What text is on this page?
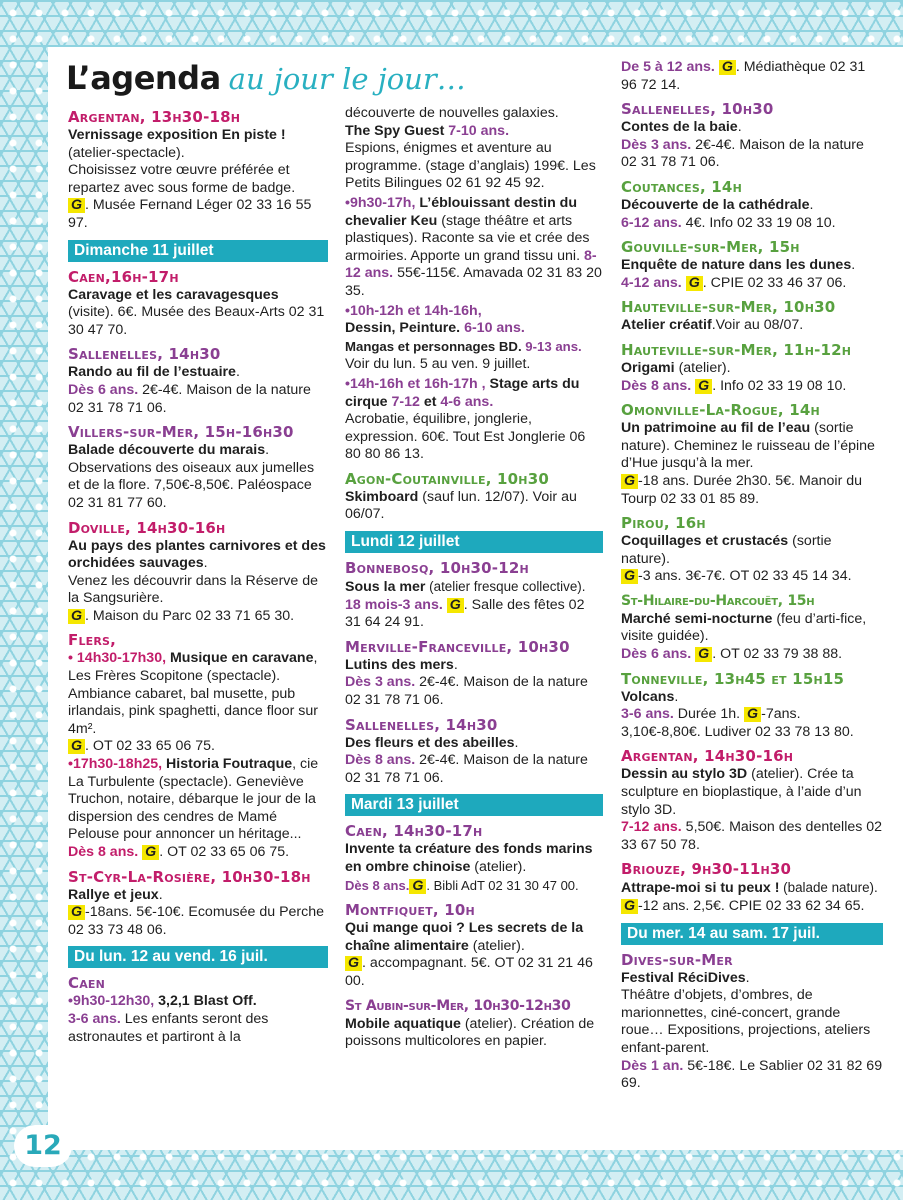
L’agenda au jour le jour…
Argentan, 13h30-18h
Vernissage exposition En piste !
(atelier-spectacle).
Choisissez votre œuvre préférée et repartez avec sous forme de badge.
G . Musée Fernand Léger 02 33 16 55 97.
Dimanche 11 juillet
Caen,16h-17h
Caravage et les caravagesques
(visite). 6€. Musée des Beaux-Arts 02 31 30 47 70.
Sallenelles, 14h30
Rando au fil de l’estuaire.
Dès 6 ans. 2€-4€. Maison de la nature 02 31 78 71 06.
Villers-sur-Mer, 15h-16h30
Balade découverte du marais.
Observations des oiseaux aux jumelles et de la flore. 7,50€-8,50€. Paléospace 02 31 81 77 60.
Doville, 14h30-16h
Au pays des plantes carnivores et des orchidées sauvages.
Venez les découvrir dans la Réserve de la Sangsurière.
G . Maison du Parc 02 33 71 65 30.
Flers,
• 14h30-17h30, Musique en caravane, Les Frères Scopitone (spectacle). Ambiance cabaret, bal musette, pub irlandais, pink spaghetti, dance floor sur 4m².
G . OT 02 33 65 06 75.
•17h30-18h25, Historia Foutraque, cie La Turbulente (spectacle). Geneviève Truchon, notaire, débarque le jour de la dispersion des cendres de Mamé Pelouse pour annoncer un héritage...
Dès 8 ans. G . OT 02 33 65 06 75.
St-Cyr-La-Rosière, 10h30-18h
Rallye et jeux.
G -18ans. 5€-10€. Ecomusée du Perche 02 33 73 48 06.
Du lun. 12 au vend. 16 juil.
Caen
•9h30-12h30, 3,2,1 Blast Off.
3-6 ans. Les enfants seront des astronautes et partiront à la
découverte de nouvelles galaxies.
The Spy Guest 7-10 ans.
Espions, énigmes et aventure au programme. (stage d’anglais) 199€. Les Petits Bilingues 02 61 92 45 92.
•9h30-17h, L’éblouissant destin du chevalier Keu (stage théâtre et arts plastiques). Raconte sa vie et crée des armoiries. Apporte un grand tissu uni. 8-12 ans. 55€-115€. Amavada 02 31 83 20 35.
•10h-12h et 14h-16h,
Dessin, Peinture. 6-10 ans.
Mangas et personnages BD. 9-13 ans.
Voir du lun. 5 au ven. 9 juillet.
•14h-16h et 16h-17h , Stage arts du cirque 7-12 et 4-6 ans.
Acrobatie, équilibre, jonglerie, expression. 60€. Tout Est Jonglerie 06 80 80 86 13.
Agon-Coutainville, 10h30
Skimboard (sauf lun. 12/07). Voir au 06/07.
Lundi 12 juillet
Bonnebosq, 10h30-12h
Sous la mer (atelier fresque collective).
18 mois-3 ans. G . Salle des fêtes 02 31 64 24 91.
Merville-Franceville, 10h30
Lutins des mers.
Dès 3 ans. 2€-4€. Maison de la nature 02 31 78 71 06.
Sallenelles, 14h30
Des fleurs et des abeilles.
Dès 8 ans. 2€-4€. Maison de la nature 02 31 78 71 06.
Mardi 13 juillet
Caen, 14h30-17h
Invente ta créature des fonds marins en ombre chinoise (atelier).
Dès 8 ans. G . Bibli AdT 02 31 30 47 00.
Montfiquet, 10h
Qui mange quoi ? Les secrets de la chaîne alimentaire (atelier).
G . accompagnant. 5€. OT 02 31 21 46 00.
St Aubin-sur-Mer, 10h30-12h30
Mobile aquatique (atelier). Création de poissons multicolores en papier.
De 5 à 12 ans. G . Médiathèque 02 31 96 72 14.
Sallenelles, 10h30
Contes de la baie.
Dès 3 ans. 2€-4€. Maison de la nature 02 31 78 71 06.
Coutances, 14h
Découverte de la cathédrale.
6-12 ans. 4€. Info 02 33 19 08 10.
Gouville-sur-Mer, 15h
Enquête de nature dans les dunes.
4-12 ans. G . CPIE 02 33 46 37 06.
Hauteville-sur-Mer, 10h30
Atelier créatif.Voir au 08/07.
Hauteville-sur-Mer, 11h-12h
Origami (atelier).
Dès 8 ans. G . Info 02 33 19 08 10.
Omonville-La-Rogue, 14h
Un patrimoine au fil de l’eau (sortie nature). Cheminez le ruisseau de l’épine d’Hue jusqu’à la mer.
G -18 ans. Durée 2h30. 5€. Manoir du Tourp 02 33 01 85 89.
Pirou, 16h
Coquillages et crustacés (sortie nature).
G -3 ans. 3€-7€. OT 02 33 45 14 34.
St-Hilaire-du-Harcouët, 15h
Marché semi-nocturne (feu d’arti-fice, visite guidée).
Dès 6 ans. G . OT 02 33 79 38 88.
Tonneville, 13h45 et 15h15
Volcans.
3-6 ans. Durée 1h. G -7ans. 3,10€-8,80€. Ludiver 02 33 78 13 80.
Argentan, 14h30-16h
Dessin au stylo 3D (atelier). Crée ta sculpture en bioplastique, à l’aide d’un stylo 3D.
7-12 ans. 5,50€. Maison des dentelles 02 33 67 50 78.
Briouze, 9h30-11h30
Attrape-moi si tu peux ! (balade nature).
G -12 ans. 2,5€. CPIE 02 33 62 34 65.
Du mer. 14 au sam. 17 juil.
Dives-sur-Mer
Festival RéciDives.
Théâtre d’objets, d’ombres, de marionnettes, ciné-concert, grande roue… Expositions, projections, ateliers enfant-parent.
Dès 1 an. 5€-18€. Le Sablier 02 31 82 69 69.
12
